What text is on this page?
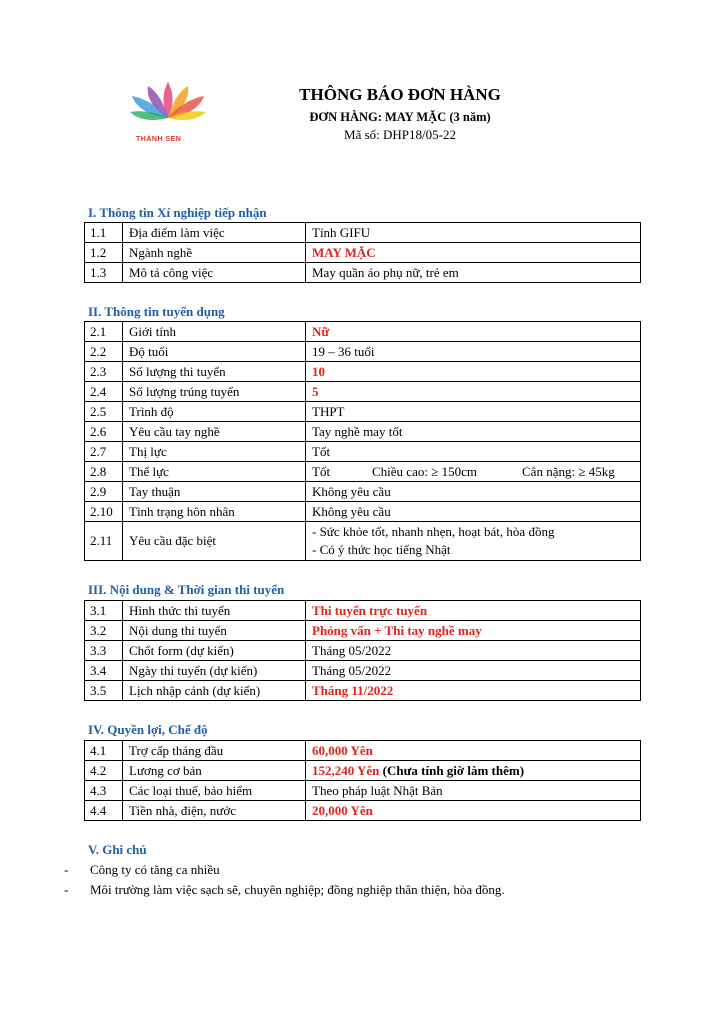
THÀNH SEN
THÔNG BÁO ĐƠN HÀNG
ĐƠN HÀNG: MAY MẶC (3 năm)
Mã số: DHP18/05-22
I. Thông tin Xí nghiệp tiếp nhận
1.1	Địa điểm làm việc	Tỉnh GIFU
1.2	Ngành nghề	MAY MẶC
1.3	Mô tả công việc	May quần áo phụ nữ, trẻ em
II. Thông tin tuyển dụng
2.1	Giới tính	Nữ
2.2	Độ tuổi	19 – 36 tuổi
2.3	Số lượng thi tuyển	10
2.4	Số lượng trúng tuyển	5
2.5	Trình độ	THPT
2.6	Yêu cầu tay nghề	Tay nghề may tốt
2.7	Thị lực	Tốt
2.8	Thể lực	Tốt Chiều cao: ≥ 150cm Cân nặng: ≥ 45kg

2.9	Tay thuận	Không yêu cầu
2.10	Tình trạng hôn nhân	Không yêu cầu
2.11	Yêu cầu đặc biệt	- Sức khỏe tốt, nhanh nhẹn, hoạt bát, hòa đồng
- Có ý thức học tiếng Nhật
III. Nội dung & Thời gian thi tuyển
3.1	Hình thức thi tuyển	Thi tuyển trực tuyến
3.2	Nội dung thi tuyển	Phỏng vấn + Thi tay nghề may
3.3	Chốt form (dự kiến)	Tháng 05/2022
3.4	Ngày thi tuyển (dự kiến)	Tháng 05/2022
3.5	Lịch nhập cảnh (dự kiến)	Tháng 11/2022
IV. Quyền lợi, Chế độ
4.1	Trợ cấp tháng đầu	60,000 Yên
4.2	Lương cơ bản	152,240 Yên (Chưa tính giờ làm thêm)
4.3	Các loại thuế, bảo hiểm	Theo pháp luật Nhật Bản
4.4	Tiền nhà, điện, nước	20,000 Yên
V. Ghi chú
-	Công ty có tăng ca nhiều
-	Môi trường làm việc sạch sẽ, chuyên nghiệp; đồng nghiệp thân thiện, hòa đồng.
